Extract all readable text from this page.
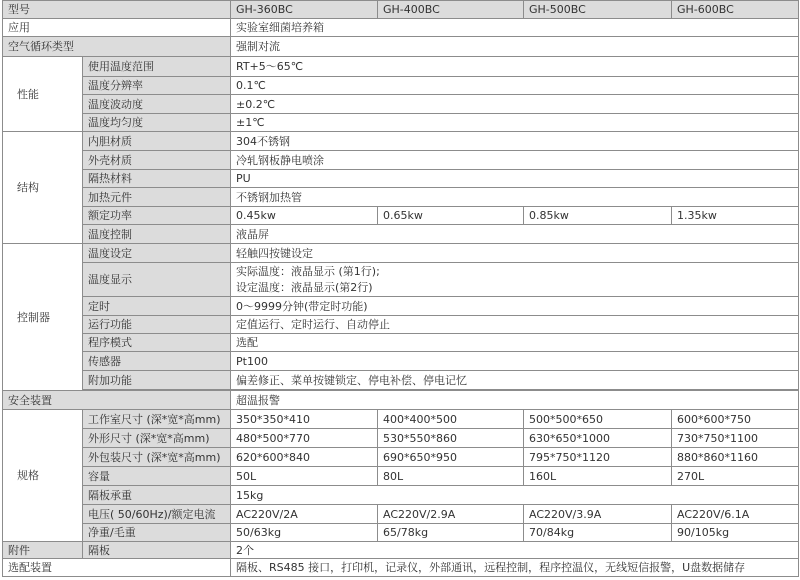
型号		GH-360BC	GH-400BC	GH-500BC	GH-600BC
应用		实验室细菌培养箱			
空气循环类型		强制对流			
性能	使用温度范围	RT+5～65℃			
	温度分辨率	0.1℃			
	温度波动度	±0.2℃			
	温度均匀度	±1℃			
结构	内胆材质	304不锈钢			
	外壳材质	冷轧钢板静电喷涂			
	隔热材料	PU			
	加热元件	不锈钢加热管			
	额定功率	0.45kw	0.65kw	0.85kw	1.35kw
	温度控制	液晶屏			
控制器	温度设定	轻触四按键设定			
	温度显示	实际温度：液晶显示 (第1行);
设定温度：液晶显示(第2行)			

	定时	0～9999分钟(带定时功能)			
	运行功能	定值运行、定时运行、自动停止			
	程序模式	选配			
	传感器	Pt100			
	附加功能	偏差修正、菜单按键锁定、停电补偿、停电记忆			

安全装置		超温报警			
规格	工作室尺寸 (深*宽*高mm)	350*350*410	400*400*500	500*500*650	600*600*750
	外形尺寸 (深*宽*高mm)	480*500*770	530*550*860	630*650*1000	730*750*1100
	外包装尺寸 (深*宽*高mm)	620*600*840	690*650*950	795*750*1120	880*860*1160
	容量	50L	80L	160L	270L
	隔板承重	15kg			
	电压( 50/60Hz)/额定电流	AC220V/2A	AC220V/2.9A	AC220V/3.9A	AC220V/6.1A
	净重/毛重	50/63kg	65/78kg	70/84kg	90/105kg
附件	隔板	2个			
选配装置		隔板、RS485 接口，打印机，记录仪，外部通讯，远程控制，程序控温仪，无线短信报警，U盘数据储存			
